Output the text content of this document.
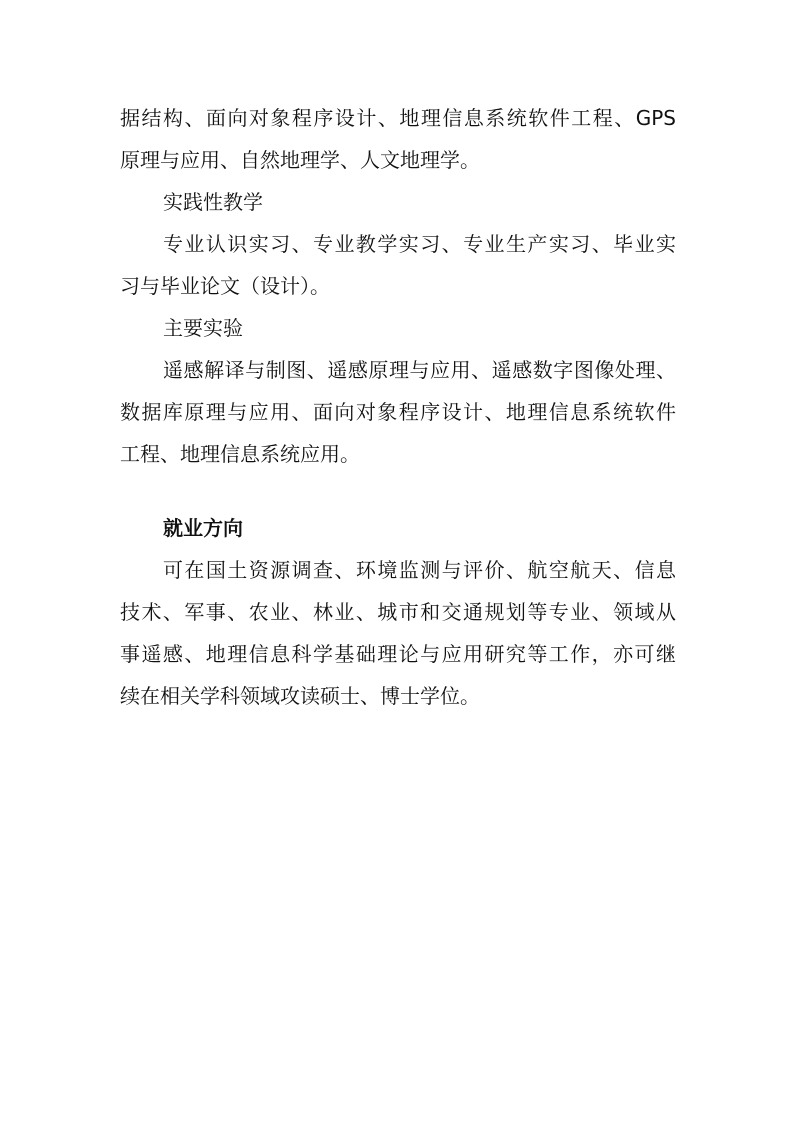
据结构、面向对象程序设计、地理信息系统软件工程、GPS
原理与应用、自然地理学、人文地理学。
实践性教学
专业认识实习、专业教学实习、专业生产实习、毕业实
习与毕业论文（设计）。
主要实验
遥感解译与制图、遥感原理与应用、遥感数字图像处理、
数据库原理与应用、面向对象程序设计、地理信息系统软件
工程、地理信息系统应用。
就业方向
可在国土资源调查、环境监测与评价、航空航天、信息
技术、军事、农业、林业、城市和交通规划等专业、领域从
事遥感、地理信息科学基础理论与应用研究等工作，亦可继
续在相关学科领域攻读硕士、博士学位。
